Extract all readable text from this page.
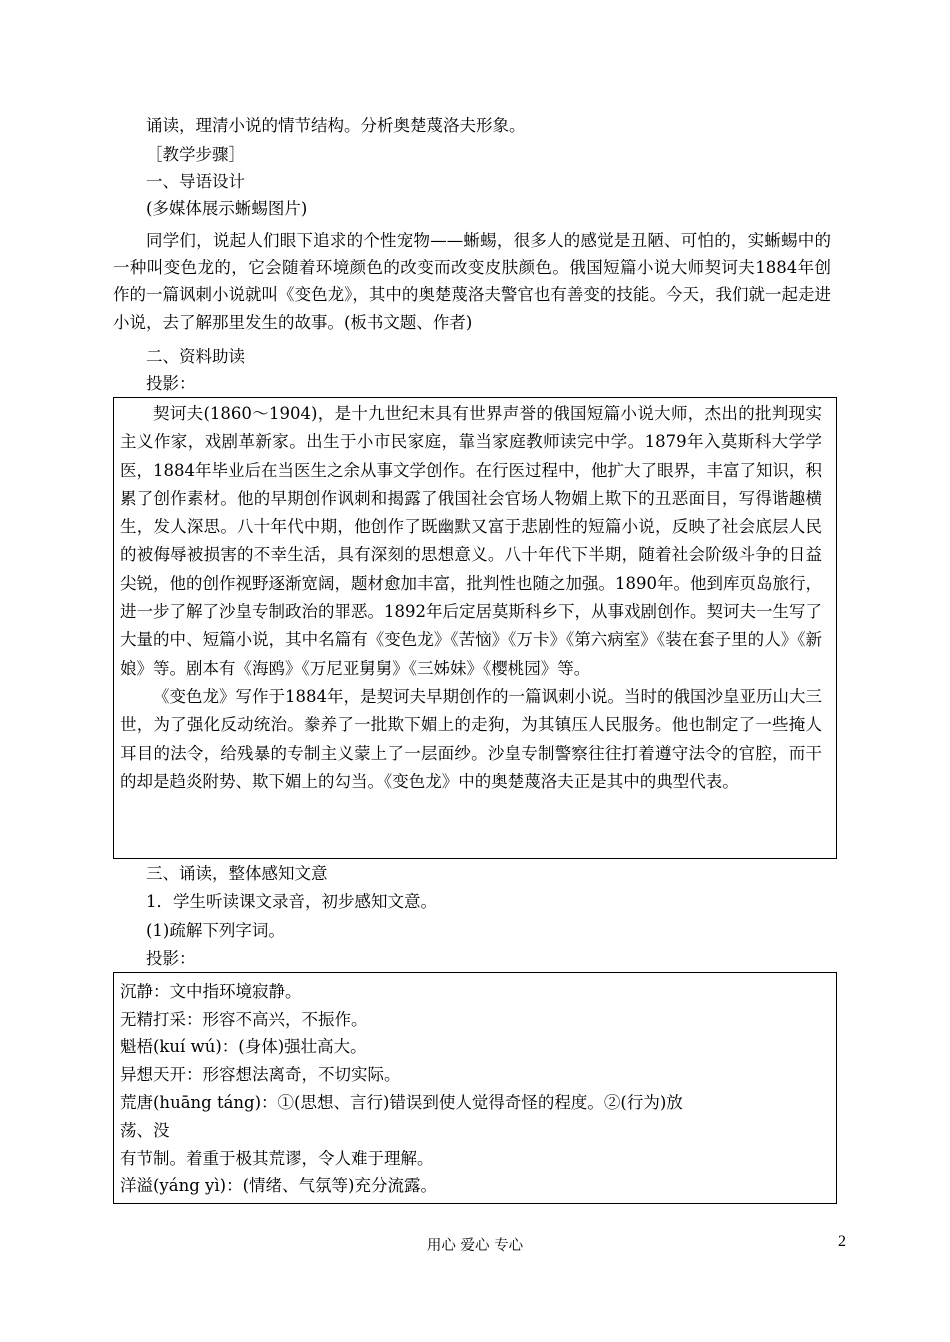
诵读，理清小说的情节结构。分析奥楚蔑洛夫形象。
［教学步骤］
一、导语设计
(多媒体展示蜥蜴图片)

同学们，说起人们眼下追求的个性宠物——蜥蜴，很多人的感觉是丑陋、可怕的，实蜥蜴中的一种叫变色龙的，它会随着环境颜色的改变而改变皮肤颜色。俄国短篇小说大师契诃夫1884年创作的一篇讽刺小说就叫《变色龙》，其中的奥楚蔑洛夫警官也有善变的技能。今天，我们就一起走进小说，去了解那里发生的故事。(板书文题、作者)

二、资料助读
投影：

契诃夫(1860～1904)，是十九世纪末具有世界声誉的俄国短篇小说大师，杰出的批判现实主义作家，戏剧革新家。出生于小市民家庭，靠当家庭教师读完中学。1879年入莫斯科大学学医，1884年毕业后在当医生之余从事文学创作。在行医过程中，他扩大了眼界，丰富了知识，积累了创作素材。他的早期创作讽刺和揭露了俄国社会官场人物媚上欺下的丑恶面目，写得谐趣横生，发人深思。八十年代中期，他创作了既幽默又富于悲剧性的短篇小说，反映了社会底层人民的被侮辱被损害的不幸生活，具有深刻的思想意义。八十年代下半期，随着社会阶级斗争的日益尖锐，他的创作视野逐渐宽阔，题材愈加丰富，批判性也随之加强。1890年。他到库页岛旅行，进一步了解了沙皇专制政治的罪恶。1892年后定居莫斯科乡下，从事戏剧创作。契诃夫一生写了大量的中、短篇小说，其中名篇有《变色龙》《苦恼》《万卡》《第六病室》《装在套子里的人》《新娘》等。剧本有《海鸥》《万尼亚舅舅》《三姊妹》《樱桃园》等。

《变色龙》写作于1884年，是契诃夫早期创作的一篇讽刺小说。当时的俄国沙皇亚历山大三世，为了强化反动统治。豢养了一批欺下媚上的走狗，为其镇压人民服务。他也制定了一些掩人耳目的法令，给残暴的专制主义蒙上了一层面纱。沙皇专制警察往往打着遵守法令的官腔，而干的却是趋炎附势、欺下媚上的勾当。《变色龙》中的奥楚蔑洛夫正是其中的典型代表。

三、诵读，整体感知文意
1．学生听读课文录音，初步感知文意。
(1)疏解下列字词。
投影：
沉静：文中指环境寂静。
无精打采：形容不高兴，不振作。
魁梧(kuí wú)：(身体)强壮高大。
异想天开：形容想法离奇，不切实际。
荒唐(huāng táng)：①(思想、言行)错误到使人觉得奇怪的程度。②(行为)放
荡、没
有节制。着重于极其荒谬，令人难于理解。
洋溢(yáng yì)：(情绪、气氛等)充分流露。
用心 爱心 专心	2
